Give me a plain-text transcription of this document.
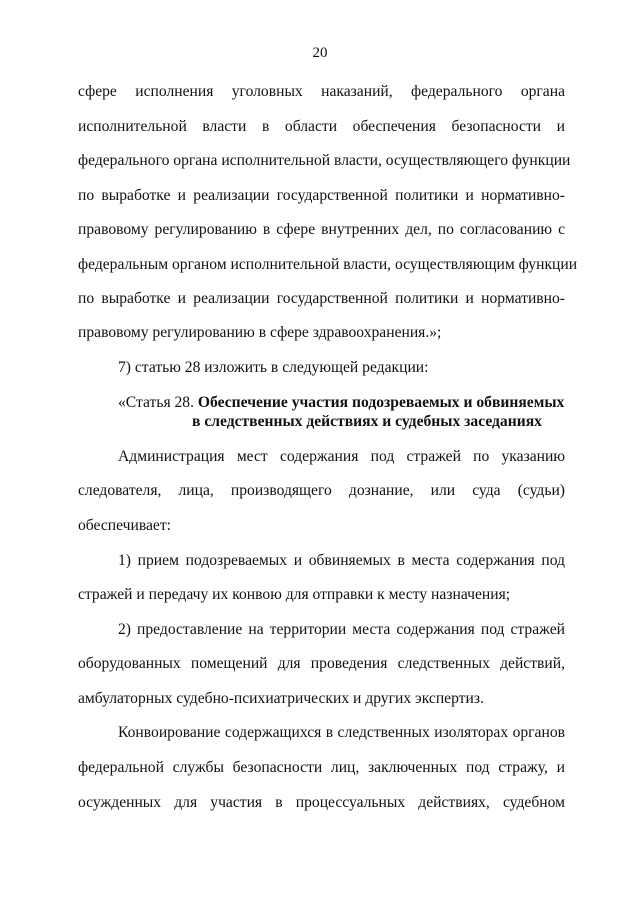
20
сфере исполнения уголовных наказаний, федерального органа
исполнительной власти в области обеспечения безопасности и
федерального органа исполнительной власти, осуществляющего функции
по выработке и реализации государственной политики и нормативно-
правовому регулированию в сфере внутренних дел, по согласованию с
федеральным органом исполнительной власти, осуществляющим функции
по выработке и реализации государственной политики и нормативно-
правовому регулированию в сфере здравоохранения.»;
7) статью 28 изложить в следующей редакции:
«Статья 28. Обеспечение участия подозреваемых и обвиняемых
в следственных действиях и судебных заседаниях
Администрация мест содержания под стражей по указанию
следователя, лица, производящего дознание, или суда (судьи)
обеспечивает:
1) прием подозреваемых и обвиняемых в места содержания под
стражей и передачу их конвою для отправки к месту назначения;
2) предоставление на территории места содержания под стражей
оборудованных помещений для проведения следственных действий,
амбулаторных судебно-психиатрических и других экспертиз.
Конвоирование содержащихся в следственных изоляторах органов
федеральной службы безопасности лиц, заключенных под стражу, и
осужденных для участия в процессуальных действиях, судебном
